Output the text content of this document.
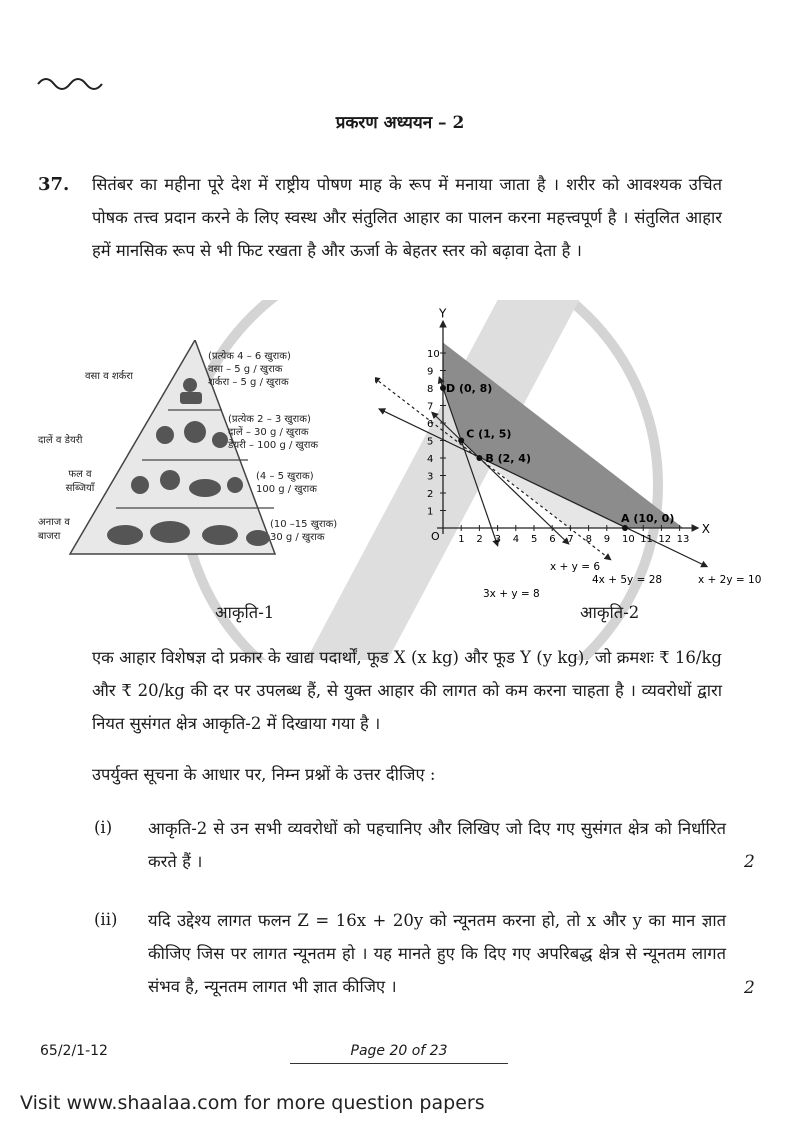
प्रकरण अध्ययन – 2
37. सितंबर का महीना पूरे देश में राष्ट्रीय पोषण माह के रूप में मनाया जाता है । शरीर को आवश्यक उचित पोषक तत्त्व प्रदान करने के लिए स्वस्थ और संतुलित आहार का पालन करना महत्त्वपूर्ण है । संतुलित आहार हमें मानसिक रूप से भी फिट रखता है और ऊर्जा के बेहतर स्तर को बढ़ावा देता है ।
वसा व शर्करा
दालें व डेयरी
फल व सब्जियाँ
अनाज व बाजरा
(प्रत्येक 4 – 6 खुराक)
वसा – 5 g / खुराक
शर्करा – 5 g / खुराक
(प्रत्येक 2 – 3 खुराक)
दालें – 30 g / खुराक
डेयरी – 100 g / खुराक
(4 – 5 खुराक)
100 g / खुराक
(10 –15 खुराक)
30 g / खुराक
आकृति-1
X
Y
O 1 2 3 4 5 6 7 8 9 10 11 12 13
1
2
3
4
5
6
7
8
9
10
D (0, 8)
C (1, 5)
B (2, 4)
A (10, 0)
3x + y = 8
x + y = 6
4x + 5y = 28	x + 2y = 10
आकृति-2
एक आहार विशेषज्ञ दो प्रकार के खाद्य पदार्थों, फूड X (x kg) और फूड Y (y kg), जो क्रमशः ₹ 16/kg और ₹ 20/kg की दर पर उपलब्ध हैं, से युक्त आहार की लागत को कम करना चाहता है । व्यवरोधों द्वारा नियत सुसंगत क्षेत्र आकृति-2 में दिखाया गया है ।
उपर्युक्त सूचना के आधार पर, निम्न प्रश्नों के उत्तर दीजिए :
(i) आकृति-2 से उन सभी व्यवरोधों को पहचानिए और लिखिए जो दिए गए सुसंगत क्षेत्र को निर्धारित करते हैं ।	2
(ii) यदि उद्देश्य लागत फलन Z = 16x + 20y को न्यूनतम करना हो, तो x और y का मान ज्ञात कीजिए जिस पर लागत न्यूनतम हो । यह मानते हुए कि दिए गए अपरिबद्ध क्षेत्र से न्यूनतम लागत संभव है, न्यूनतम लागत भी ज्ञात कीजिए ।	2
65/2/1-12	Page 20 of 23
Visit www.shaalaa.com for more question papers
